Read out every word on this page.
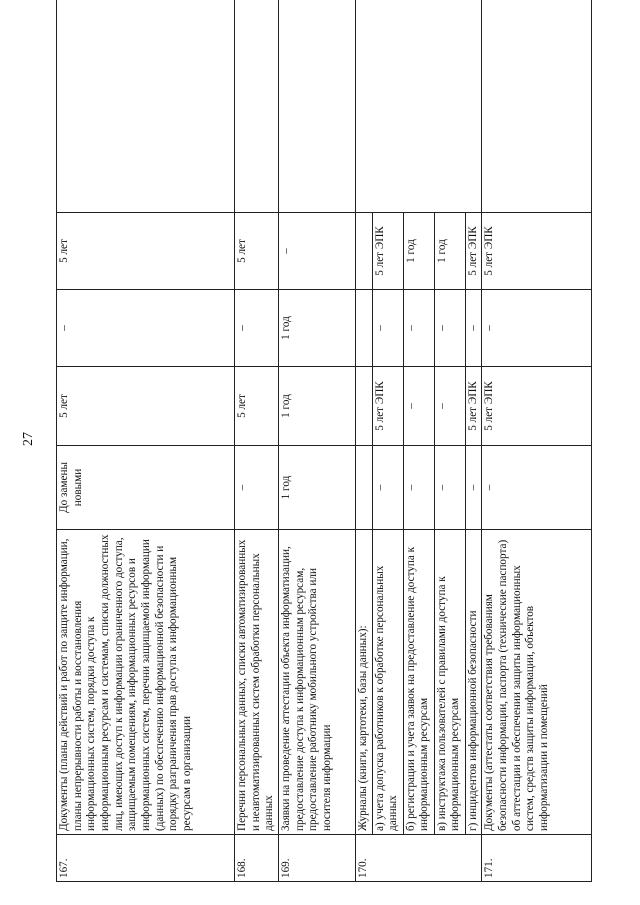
27
167.	Документы (планы действий и работ по защите информации, планы непрерывности работы и восстановления информационных систем, порядки доступа к информационным ресурсам и системам, списки должностных лиц, имеющих доступ к информации ограниченного доступа, защищаемым помещениям, информационных ресурсов и информационных систем, перечни защищаемой информации (данных) по обеспечению информационной безопасности и порядку разграничения прав доступа к информационным ресурсам в организации	До замены новыми	5 лет	–	5 лет	
168.	Перечни персональных данных, списки автоматизированных и неавтоматизированных систем обработки персональных данных	–	5 лет	–	5 лет	
169.	Заявки на проведение аттестации объекта информатизации, предоставление доступа к информационным ресурсам, предоставление работнику мобильного устройства или носителя информации	1 год	1 год	1 год	–	
170.	Журналы (книги, картотеки, базы данных):					
	а) учета допуска работников к обработке персональных данных	–	5 лет ЭПК	–	5 лет ЭПК	
	б) регистрации и учета заявок на предоставление доступа к информационным ресурсам	–	–	–	1 год	
	в) инструктажа пользователей с правилами доступа к информационным ресурсам	–	–	–	1 год	
	г) инцидентов информационной безопасности	–	5 лет ЭПК	–	5 лет ЭПК	
171.	Документы (аттестаты соответствия требованиям безопасности информации, паспорта (технические паспорта) об аттестации и обеспечении защиты информационных систем, средств защиты информации, объектов информатизации и помещений	–	5 лет ЭПК	–	5 лет ЭПК	
